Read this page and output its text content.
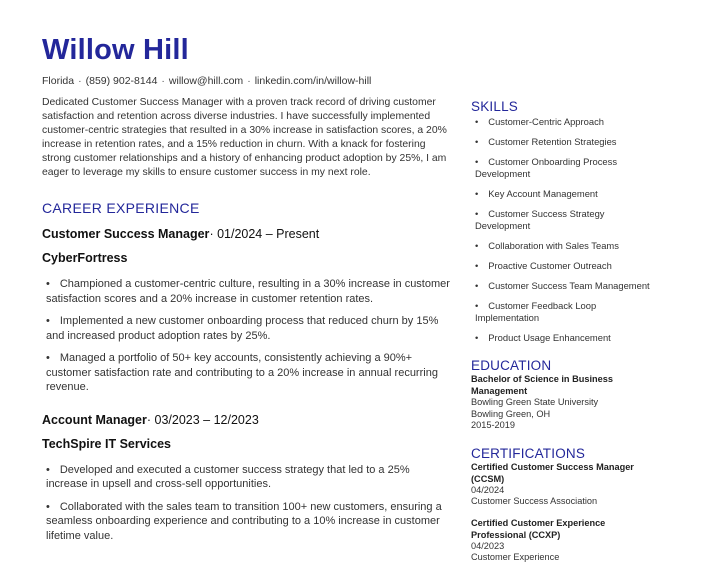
Willow Hill
Florida · (859) 902-8144 · willow@hill.com · linkedin.com/in/willow-hill

Dedicated Customer Success Manager with a proven track record of driving customer satisfaction and retention across diverse industries. I have successfully implemented customer-centric strategies that resulted in a 30% increase in satisfaction scores, a 20% increase in retention rates, and a 15% reduction in churn. With a knack for fostering strong customer relationships and a history of enhancing product adoption by 25%, I am eager to leverage my skills to ensure customer success in my next role.

CAREER EXPERIENCE
Customer Success Manager· 01/2024 – Present
CyberFortress
• Championed a customer-centric culture, resulting in a 30% increase in customer satisfaction scores and a 20% increase in customer retention rates.
• Implemented a new customer onboarding process that reduced churn by 15% and increased product adoption rates by 25%.
• Managed a portfolio of 50+ key accounts, consistently achieving a 90%+ customer satisfaction rate and contributing to a 20% increase in annual recurring revenue.
Account Manager· 03/2023 – 12/2023
TechSpire IT Services
• Developed and executed a customer success strategy that led to a 25% increase in upsell and cross-sell opportunities.
• Collaborated with the sales team to transition 100+ new customers, ensuring a seamless onboarding experience and contributing to a 10% increase in customer lifetime value.
SKILLS
• Customer-Centric Approach
• Customer Retention Strategies
• Customer Onboarding Process Development
• Key Account Management
• Customer Success Strategy Development
• Collaboration with Sales Teams
• Proactive Customer Outreach
• Customer Success Team Management
• Customer Feedback Loop Implementation
• Product Usage Enhancement
EDUCATION
Bachelor of Science in Business Management
Bowling Green State University
Bowling Green, OH
2015-2019
CERTIFICATIONS
Certified Customer Success Manager (CCSM)
04/2024
Customer Success Association
Certified Customer Experience Professional (CCXP)
04/2023
Customer Experience
